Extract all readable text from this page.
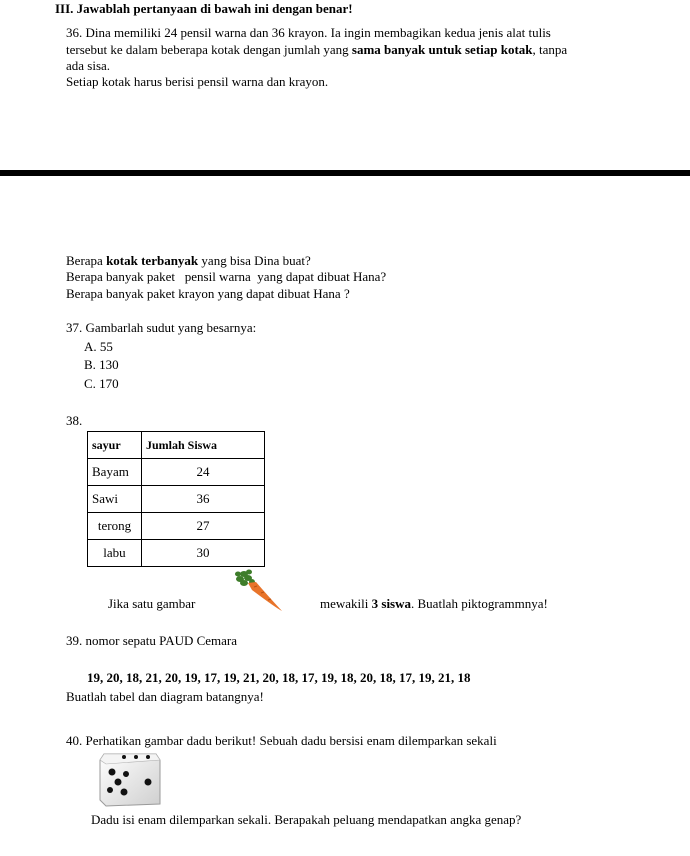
III. Jawablah pertanyaan di bawah ini dengan benar!
36. Dina memiliki 24 pensil warna dan 36 krayon. Ia ingin membagikan kedua jenis alat tulis
tersebut ke dalam beberapa kotak dengan jumlah yang sama banyak untuk setiap kotak, tanpa
ada sisa.
Setiap kotak harus berisi pensil warna dan krayon.
Berapa kotak terbanyak yang bisa Dina buat?
Berapa banyak paket   pensil warna  yang dapat dibuat Hana?
Berapa banyak paket krayon yang dapat dibuat Hana ?
37. Gambarlah sudut yang besarnya:
A. 55
B. 130
C. 170
38.
sayur	Jumlah Siswa
Bayam	24
Sawi	36
terong	27
labu	30
Jika satu gambar	mewakili 3 siswa. Buatlah piktogrammnya!
39. nomor sepatu PAUD Cemara
19, 20, 18, 21, 20, 19, 17, 19, 21, 20, 18, 17, 19, 18, 20, 18, 17, 19, 21, 18
Buatlah tabel dan diagram batangnya!
40. Perhatikan gambar dadu berikut! Sebuah dadu bersisi enam dilemparkan sekali
Dadu isi enam dilemparkan sekali. Berapakah peluang mendapatkan angka genap?
